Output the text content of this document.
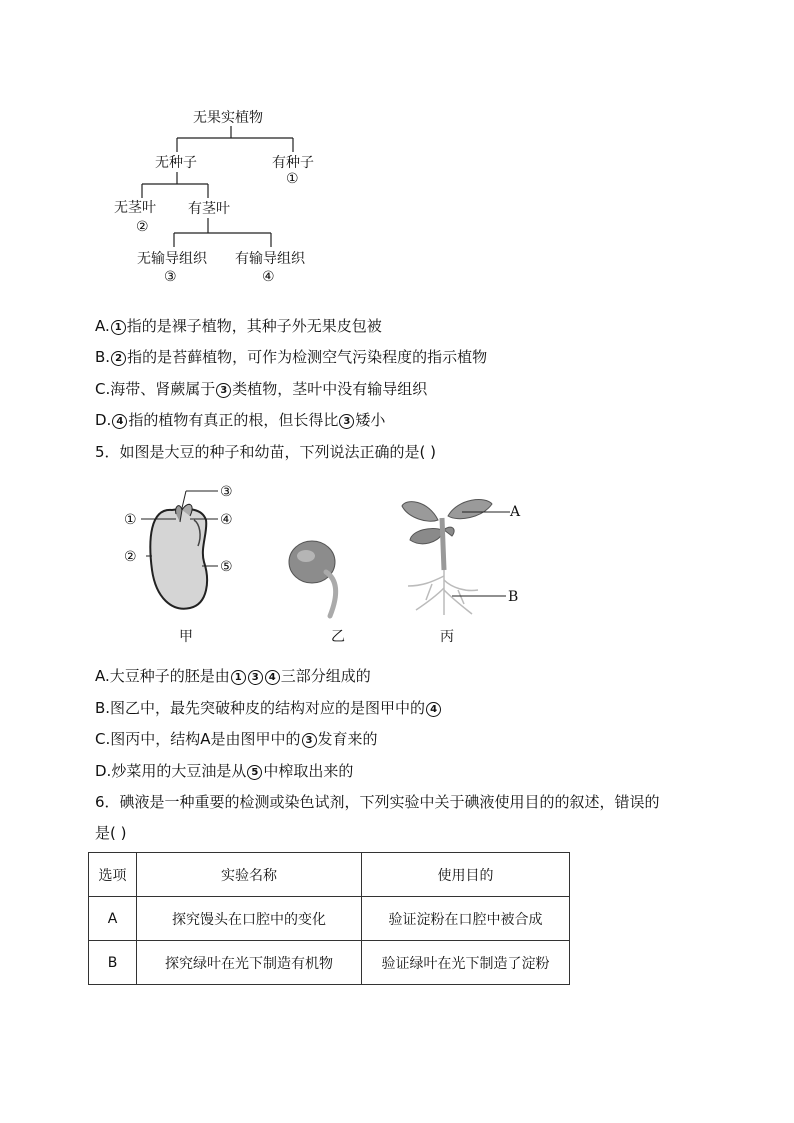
无果实植物
无种子	有种子
①
无茎叶
②
有茎叶
无输导组织
③
有输导组织
④
A. 1 指的是裸子植物，其种子外无果皮包被
B. 2 指的是苔藓植物，可作为检测空气污染程度的指示植物
C.海带、肾蕨属于 3 类植物，茎叶中没有输导组织
D. 4 指的植物有真正的根，但长得比 3 矮小
5．如图是大豆的种子和幼苗，下列说法正确的是( )
①
②
③
④
⑤
甲	乙
A
B
丙
A.大豆种子的胚是由 1 3 4 三部分组成的
B.图乙中，最先突破种皮的结构对应的是图甲中的 4
C.图丙中，结构A是由图甲中的 3 发育来的
D.炒菜用的大豆油是从 5 中榨取出来的
6．碘液是一种重要的检测或染色试剂，下列实验中关于碘液使用目的的叙述，错误的
是( )
选项	实验名称	使用目的
A	探究馒头在口腔中的变化	验证淀粉在口腔中被合成
B	探究绿叶在光下制造有机物	验证绿叶在光下制造了淀粉
